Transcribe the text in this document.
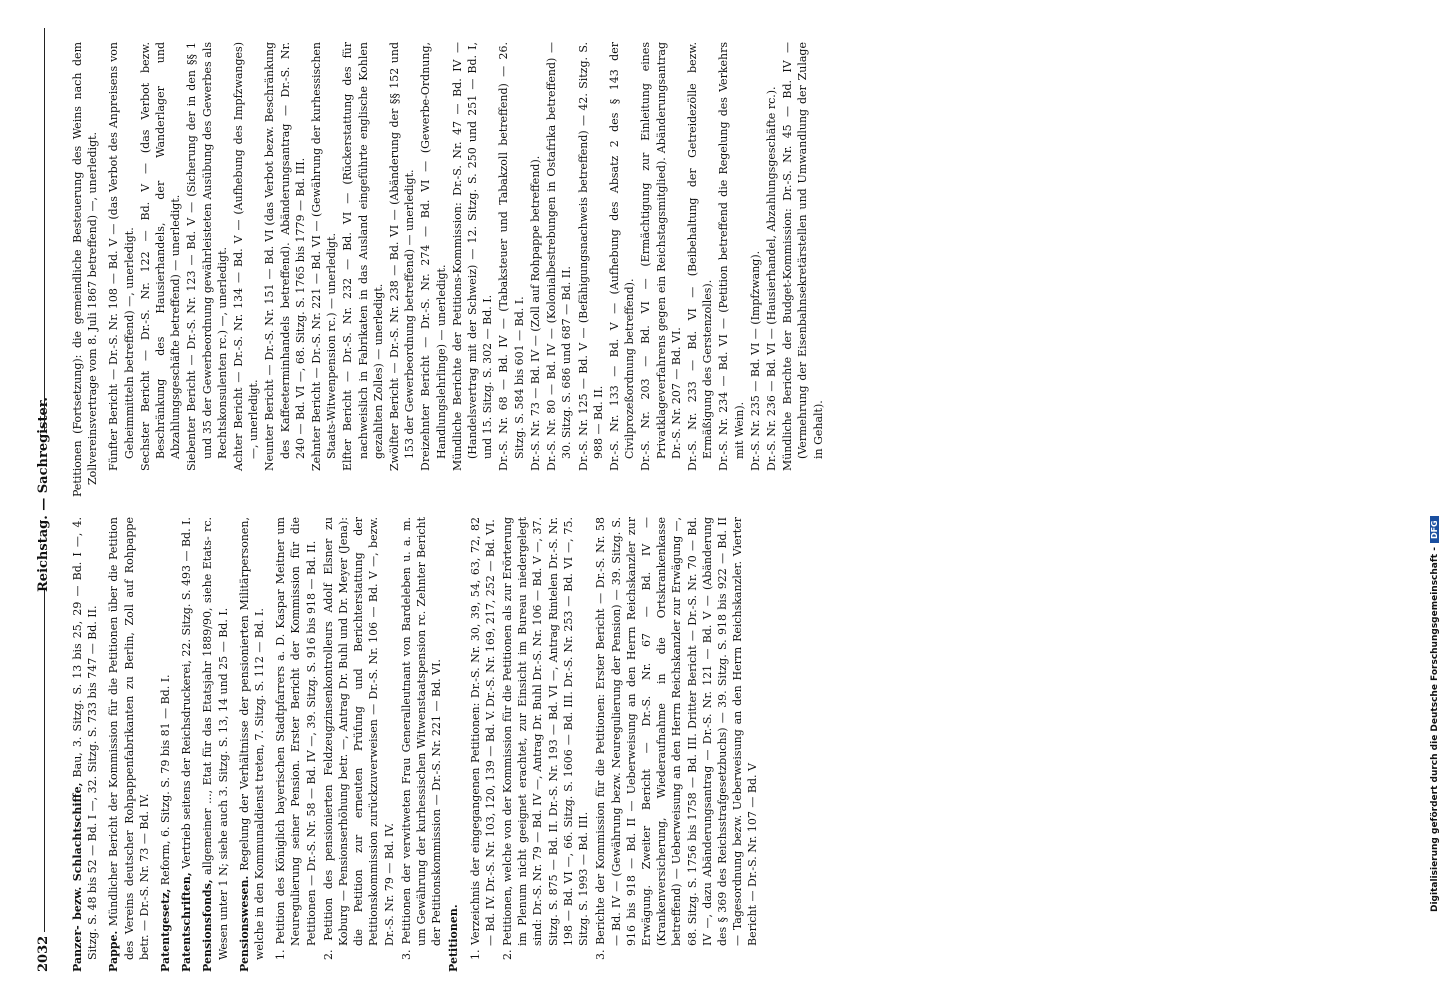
2032
Reichstag. — Sachregister.

Panzer- bezw. Schlachtschiffe, Bau, 3. Sitzg. S. 13 bis 25, 29 — Bd. I —, 4. Sitzg. S. 48 bis 52 — Bd. I —, 32. Sitzg. S. 733 bis 747 — Bd. II. Pappe. Mündlicher Bericht der Kommission für die Petitionen über die Petition des Vereins deutscher Rohpappenfabrikanten zu Berlin, Zoll auf Rohpappe betr. — Dr.-S. Nr. 73 — Bd. IV. Patentgesetz, Reform, 6. Sitzg. S. 79 bis 81 — Bd. I.

Patentschriften, Vertrieb seitens der Reichsdruckerei, 22. Sitzg. S. 493 — Bd. I.

Pensionsfonds, allgemeiner ..., Etat für das Etatsjahr 1889/90, siehe Etats- rc. Wesen unter 1 N; siehe auch 3. Sitzg. S. 13, 14 und 25 — Bd. I. Pensionswesen. Regelung der Verhältnisse der pensionierten Militärpersonen, welche in den Kommunaldienst treten, 7. Sitzg. S. 112 — Bd. I. 1. Petition des Königlich bayerischen Stadtpfarrers a. D. Kaspar Meitner um Neuregulierung seiner Pension. Erster Bericht der Kommission für die Petitionen — Dr.-S. Nr. 58 — Bd. IV —, 39. Sitzg. S. 916 bis 918 — Bd. II. 2. Petition des pensionierten Feldzeugzinsenkontrolleurs Adolf Elsner zu Koburg — Pensionserhöhung betr. —, Antrag Dr. Buhl und Dr. Meyer (Jena): die Petition zur erneuten Prüfung und Berichterstattung der Petitionskommission zurückzuverweisen — Dr.-S. Nr. 106 — Bd. V —, bezw. Dr.-S. Nr. 79 — Bd. IV. 3. Petitionen der verwitweten Frau Generalleutnant von Bardeleben u. a. m. um Gewährung der kurhessischen Witwenstaatspension rc. Zehnter Bericht der Petitionskommission — Dr.-S. Nr. 221 — Bd. VI. Petitionen. 1. Verzeichnis der eingegangenen Petitionen: Dr.-S. Nr. 30, 39, 54, 63, 72, 82 — Bd. IV. Dr.-S. Nr. 103, 120, 139 — Bd. V. Dr.-S. Nr. 169, 217, 252 — Bd. VI. 2. Petitionen, welche von der Kommission für die Petitionen als zur Erörterung im Plenum nicht geeignet erachtet, zur Einsicht im Bureau niedergelegt sind: Dr.-S. Nr. 79 — Bd. IV —, Antrag Dr. Buhl Dr.-S. Nr. 106 — Bd. V —, 37. Sitzg. S. 875 — Bd. II. Dr.-S. Nr. 193 — Bd. VI —, Antrag Rintelen Dr.-S. Nr. 198 — Bd. VI —, 66. Sitzg. S. 1606 — Bd. III. Dr.-S. Nr. 253 — Bd. VI —, 75. Sitzg. S. 1993 — Bd. III. 3. Berichte der Kommission für die Petitionen: Erster Bericht — Dr.-S. Nr. 58 — Bd. IV — (Gewährung bezw. Neuregulierung der Pension) — 39. Sitzg. S. 916 bis 918 — Bd. II — Ueberweisung an den Herrn Reichskanzler zur Erwägung. Zweiter Bericht — Dr.-S. Nr. 67 — Bd. IV — (Krankenversicherung, Wiederaufnahme in die Ortskrankenkasse betreffend) — Ueberweisung an den Herrn Reichskanzler zur Erwägung —, 68. Sitzg. S. 1756 bis 1758 — Bd. III. Dritter Bericht — Dr.-S. Nr. 70 — Bd. IV —, dazu Abänderungsantrag — Dr.-S. Nr. 121 — Bd. V — (Abänderung des § 369 des Reichsstrafgesetzbuchs) — 39. Sitzg. S. 918 bis 922 — Bd. II — Tagesordnung bezw. Ueberweisung an den Herrn Reichskanzler. Vierter Bericht — Dr.-S. Nr. 107 — Bd. V

Petitionen (Fortsetzung): die gemeindliche Besteuerung des Weins nach dem Zollvereinsvertrage vom 8. Juli 1867 betreffend) —, unerledigt. Fünfter Bericht — Dr.-S. Nr. 108 — Bd. V — (das Verbot des Anpreisens von Geheimmitteln betreffend) —, unerledigt. Sechster Bericht — Dr.-S. Nr. 122 — Bd. V — (das Verbot bezw. Beschränkung des Hausierhandels, der Wanderlager und Abzahlungsgeschäfte betreffend) — unerledigt. Siebenter Bericht — Dr.-S. Nr. 123 — Bd. V — (Sicherung der in den §§ 1 und 35 der Gewerbeordnung gewährleisteten Ausübung des Gewerbes als Rechtskonsulenten rc.) —, unerledigt. Achter Bericht — Dr.-S. Nr. 134 — Bd. V — (Aufhebung des Impfzwanges) —, unerledigt. Neunter Bericht — Dr.-S. Nr. 151 — Bd. VI (das Verbot bezw. Beschränkung des Kaffeeterminhandels betreffend). Abänderungsantrag — Dr.-S. Nr. 240 — Bd. VI —, 68. Sitzg. S. 1765 bis 1779 — Bd. III. Zehnter Bericht — Dr.-S. Nr. 221 — Bd. VI — (Gewährung der kurhessischen Staats-Witwenpension rc.) — unerledigt. Elfter Bericht — Dr.-S. Nr. 232 — Bd. VI — (Rückerstattung des für nachweislich in Fabrikaten in das Ausland eingeführte englische Kohlen gezahlten Zolles) — unerledigt. Zwölfter Bericht — Dr.-S. Nr. 238 — Bd. VI — (Abänderung der §§ 152 und 153 der Gewerbeordnung betreffend) — unerledigt. Dreizehnter Bericht — Dr.-S. Nr. 274 — Bd. VI — (Gewerbe-Ordnung, Handlungslehrlinge) — unerledigt. Mündliche Berichte der Petitions-Kommission: Dr.-S. Nr. 47 — Bd. IV — (Handelsvertrag mit der Schweiz) — 12. Sitzg. S. 250 und 251 — Bd. I, und 15. Sitzg. S. 302 — Bd. I. Dr.-S. Nr. 68 — Bd. IV — (Tabaksteuer und Tabakzoll betreffend) — 26. Sitzg. S. 584 bis 601 — Bd. I. Dr.-S. Nr. 73 — Bd. IV — (Zoll auf Rohpappe betreffend). Dr.-S. Nr. 80 — Bd. IV — (Kolonialbestrebungen in Ostafrika betreffend) — 30. Sitzg. S. 686 und 687 — Bd. II. Dr.-S. Nr. 125 — Bd. V — (Befähigungsnachweis betreffend) — 42. Sitzg. S. 988 — Bd. II. Dr.-S. Nr. 133 — Bd. V — (Aufhebung des Absatz 2 des § 143 der Civilprozeßordnung betreffend). Dr.-S. Nr. 203 — Bd. VI — (Ermächtigung zur Einleitung eines Privatklageverfahrens gegen ein Reichstagsmitglied). Abänderungsantrag Dr.-S. Nr. 207 — Bd. VI. Dr.-S. Nr. 233 — Bd. VI — (Beibehaltung der Getreidezölle bezw. Ermäßigung des Gerstenzolles). Dr.-S. Nr. 234 — Bd. VI — (Petition betreffend die Regelung des Verkehrs mit Wein). Dr.-S. Nr. 235 — Bd. VI — (Impfzwang). Dr.-S. Nr. 236 — Bd. VI — (Hausierhandel, Abzahlungsgeschäfte rc.). Mündliche Berichte der Budget-Kommission: Dr.-S. Nr. 45 — Bd. IV — (Vermehrung der Eisenbahnsekretärstellen und Umwandlung der Zulage in Gehalt).

Digitalisierung gefördert durch die Deutsche Forschungsgemeinschaft -DFG
